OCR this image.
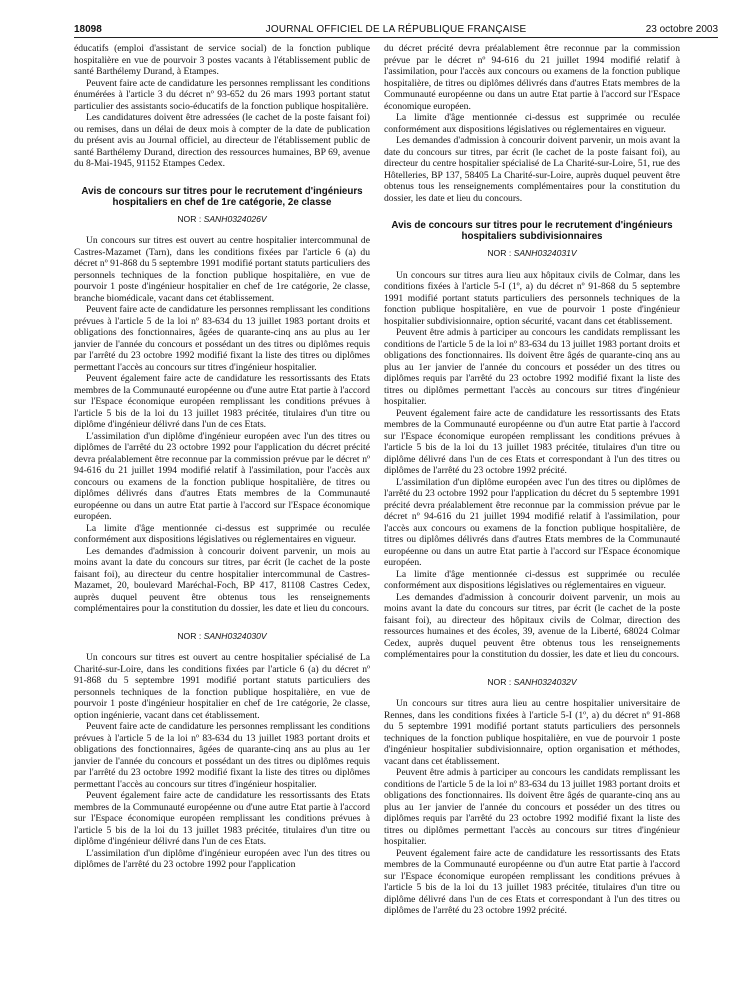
18098	JOURNAL OFFICIEL DE LA RÉPUBLIQUE FRANÇAISE	23 octobre 2003

éducatifs (emploi d'assistant de service social) de la fonction publique hospitalière en vue de pourvoir 3 postes vacants à l'établissement public de santé Barthélemy Durand, à Etampes.

Peuvent faire acte de candidature les personnes remplissant les conditions énumérées à l'article 3 du décret nº 93-652 du 26 mars 1993 portant statut particulier des assistants socio-éducatifs de la fonction publique hospitalière.

Les candidatures doivent être adressées (le cachet de la poste faisant foi) ou remises, dans un délai de deux mois à compter de la date de publication du présent avis au Journal officiel, au directeur de l'établissement public de santé Barthélemy Durand, direction des ressources humaines, BP 69, avenue du 8-Mai-1945, 91152 Etampes Cedex.

Avis de concours sur titres pour le recrutement d'ingénieurs hospitaliers en chef de 1re catégorie, 2e classe
NOR : SANH0324026V

Un concours sur titres est ouvert au centre hospitalier intercommunal de Castres-Mazamet (Tarn), dans les conditions fixées par l'article 6 (a) du décret nº 91-868 du 5 septembre 1991 modifié portant statuts particuliers des personnels techniques de la fonction publique hospitalière, en vue de pourvoir 1 poste d'ingénieur hospitalier en chef de 1re catégorie, 2e classe, branche biomédicale, vacant dans cet établissement.

Peuvent faire acte de candidature les personnes remplissant les conditions prévues à l'article 5 de la loi nº 83-634 du 13 juillet 1983 portant droits et obligations des fonctionnaires, âgées de quarante-cinq ans au plus au 1er janvier de l'année du concours et possédant un des titres ou diplômes requis par l'arrêté du 23 octobre 1992 modifié fixant la liste des titres ou diplômes permettant l'accès au concours sur titres d'ingénieur hospitalier.

Peuvent également faire acte de candidature les ressortissants des Etats membres de la Communauté européenne ou d'une autre Etat partie à l'accord sur l'Espace économique européen remplissant les conditions prévues à l'article 5 bis de la loi du 13 juillet 1983 précitée, titulaires d'un titre ou diplôme d'ingénieur délivré dans l'un de ces Etats.

L'assimilation d'un diplôme d'ingénieur européen avec l'un des titres ou diplômes de l'arrêté du 23 octobre 1992 pour l'application du décret précité devra préalablement être reconnue par la commission prévue par le décret nº 94-616 du 21 juillet 1994 modifié relatif à l'assimilation, pour l'accès aux concours ou examens de la fonction publique hospitalière, de titres ou diplômes délivrés dans d'autres Etats membres de la Communauté européenne ou dans un autre Etat partie à l'accord sur l'Espace économique européen.

La limite d'âge mentionnée ci-dessus est supprimée ou reculée conformément aux dispositions législatives ou réglementaires en vigueur.

Les demandes d'admission à concourir doivent parvenir, un mois au moins avant la date du concours sur titres, par écrit (le cachet de la poste faisant foi), au directeur du centre hospitalier intercommunal de Castres-Mazamet, 20, boulevard Maréchal-Foch, BP 417, 81108 Castres Cedex, auprès duquel peuvent être obtenus tous les renseignements complémentaires pour la constitution du dossier, les date et lieu du concours.

NOR : SANH0324030V

Un concours sur titres est ouvert au centre hospitalier spécialisé de La Charité-sur-Loire, dans les conditions fixées par l'article 6 (a) du décret nº 91-868 du 5 septembre 1991 modifié portant statuts particuliers des personnels techniques de la fonction publique hospitalière, en vue de pourvoir 1 poste d'ingénieur hospitalier en chef de 1re catégorie, 2e classe, option ingénierie, vacant dans cet établissement.

Peuvent faire acte de candidature les personnes remplissant les conditions prévues à l'article 5 de la loi nº 83-634 du 13 juillet 1983 portant droits et obligations des fonctionnaires, âgées de quarante-cinq ans au plus au 1er janvier de l'année du concours et possédant un des titres ou diplômes requis par l'arrêté du 23 octobre 1992 modifié fixant la liste des titres ou diplômes permettant l'accès au concours sur titres d'ingénieur hospitalier.

Peuvent également faire acte de candidature les ressortissants des Etats membres de la Communauté européenne ou d'une autre Etat partie à l'accord sur l'Espace économique européen remplissant les conditions prévues à l'article 5 bis de la loi du 13 juillet 1983 précitée, titulaires d'un titre ou diplôme d'ingénieur délivré dans l'un de ces Etats.

L'assimilation d'un diplôme d'ingénieur européen avec l'un des titres ou diplômes de l'arrêté du 23 octobre 1992 pour l'application

du décret précité devra préalablement être reconnue par la commission prévue par le décret nº 94-616 du 21 juillet 1994 modifié relatif à l'assimilation, pour l'accès aux concours ou examens de la fonction publique hospitalière, de titres ou diplômes délivrés dans d'autres Etats membres de la Communauté européenne ou dans un autre Etat partie à l'accord sur l'Espace économique européen.

La limite d'âge mentionnée ci-dessus est supprimée ou reculée conformément aux dispositions législatives ou réglementaires en vigueur.

Les demandes d'admission à concourir doivent parvenir, un mois avant la date du concours sur titres, par écrit (le cachet de la poste faisant foi), au directeur du centre hospitalier spécialisé de La Charité-sur-Loire, 51, rue des Hôtelleries, BP 137, 58405 La Charité-sur-Loire, auprès duquel peuvent être obtenus tous les renseignements complémentaires pour la constitution du dossier, les date et lieu du concours.

Avis de concours sur titres pour le recrutement d'ingénieurs hospitaliers subdivisionnaires
NOR : SANH0324031V

Un concours sur titres aura lieu aux hôpitaux civils de Colmar, dans les conditions fixées à l'article 5-I (1º, a) du décret nº 91-868 du 5 septembre 1991 modifié portant statuts particuliers des personnels techniques de la fonction publique hospitalière, en vue de pourvoir 1 poste d'ingénieur hospitalier subdivisionnaire, option sécurité, vacant dans cet établissement.

Peuvent être admis à participer au concours les candidats remplissant les conditions de l'article 5 de la loi nº 83-634 du 13 juillet 1983 portant droits et obligations des fonctionnaires. Ils doivent être âgés de quarante-cinq ans au plus au 1er janvier de l'année du concours et posséder un des titres ou diplômes requis par l'arrêté du 23 octobre 1992 modifié fixant la liste des titres ou diplômes permettant l'accès au concours sur titres d'ingénieur hospitalier.

Peuvent également faire acte de candidature les ressortissants des Etats membres de la Communauté européenne ou d'un autre Etat partie à l'accord sur l'Espace économique européen remplissant les conditions prévues à l'article 5 bis de la loi du 13 juillet 1983 précitée, titulaires d'un titre ou diplôme délivré dans l'un de ces Etats et correspondant à l'un des titres ou diplômes de l'arrêté du 23 octobre 1992 précité.

L'assimilation d'un diplôme européen avec l'un des titres ou diplômes de l'arrêté du 23 octobre 1992 pour l'application du décret du 5 septembre 1991 précité devra préalablement être reconnue par la commission prévue par le décret nº 94-616 du 21 juillet 1994 modifié relatif à l'assimilation, pour l'accès aux concours ou examens de la fonction publique hospitalière, de titres ou diplômes délivrés dans d'autres Etats membres de la Communauté européenne ou dans un autre Etat partie à l'accord sur l'Espace économique européen.

La limite d'âge mentionnée ci-dessus est supprimée ou reculée conformément aux dispositions législatives ou réglementaires en vigueur.

Les demandes d'admission à concourir doivent parvenir, un mois au moins avant la date du concours sur titres, par écrit (le cachet de la poste faisant foi), au directeur des hôpitaux civils de Colmar, direction des ressources humaines et des écoles, 39, avenue de la Liberté, 68024 Colmar Cedex, auprès duquel peuvent être obtenus tous les renseignements complémentaires pour la constitution du dossier, les date et lieu du concours.

NOR : SANH0324032V

Un concours sur titres aura lieu au centre hospitalier universitaire de Rennes, dans les conditions fixées à l'article 5-I (1º, a) du décret nº 91-868 du 5 septembre 1991 modifié portant statuts particuliers des personnels techniques de la fonction publique hospitalière, en vue de pourvoir 1 poste d'ingénieur hospitalier subdivisionnaire, option organisation et méthodes, vacant dans cet établissement.

Peuvent être admis à participer au concours les candidats remplissant les conditions de l'article 5 de la loi nº 83-634 du 13 juillet 1983 portant droits et obligations des fonctionnaires. Ils doivent être âgés de quarante-cinq ans au plus au 1er janvier de l'année du concours et posséder un des titres ou diplômes requis par l'arrêté du 23 octobre 1992 modifié fixant la liste des titres ou diplômes permettant l'accès au concours sur titres d'ingénieur hospitalier.

Peuvent également faire acte de candidature les ressortissants des Etats membres de la Communauté européenne ou d'un autre Etat partie à l'accord sur l'Espace économique européen remplissant les conditions prévues à l'article 5 bis de la loi du 13 juillet 1983 précitée, titulaires d'un titre ou diplôme délivré dans l'un de ces Etats et correspondant à l'un des titres ou diplômes de l'arrêté du 23 octobre 1992 précité.
